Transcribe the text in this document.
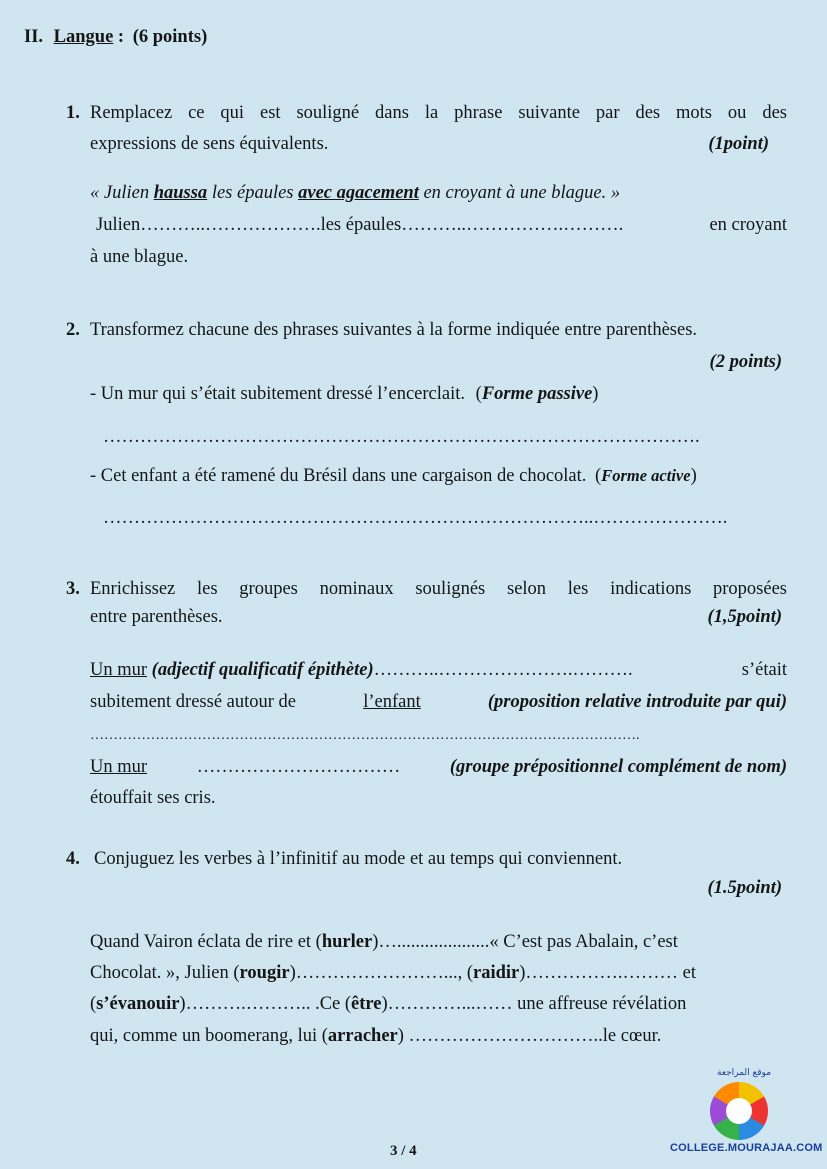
II. Langue : (6 points)
1. Remplacez ce qui est souligné dans la phrase suivante par des mots ou des
expressions de sens équivalents.	(1point)
« Julien haussa les épaules avec agacement en croyant à une blague. »
Julien………..……………….les épaules………..…………….……….	en croyant
à une blague.
2. Transformez chacune des phrases suivantes à la forme indiquée entre parenthèses.
(2 points)
- Un mur qui s’était subitement dressé l’encerclait. (Forme passive)
…………………………………………………………………………………….
- Cet enfant a été ramené du Brésil dans une cargaison de chocolat. (Forme active)
……………………………………………………………………..………………….
3. Enrichissez les groupes nominaux soulignés selon les indications proposées
entre parenthèses.	(1,5point)
Un mur (adjectif qualificatif épithète)………..………………….……….	s’était
subitement dressé autour de	l’enfant	(proposition relative introduite par qui)
……………………………………………………………………………………………………….
Un mur	……………………………	(groupe prépositionnel complément de nom)
étouffait ses cris.
4. Conjuguez les verbes à l’infinitif au mode et au temps qui conviennent.
(1.5point)
Quand Vairon éclata de rire et (hurler)…....................« C’est pas Abalain, c’est
Chocolat. », Julien (rougir)……………………..., (raidir)…………….……… et
(s’évanouir)……….……….. .Ce (être)…………...…… une affreuse révélation
qui, comme un boomerang, lui (arracher) …………………………..le cœur.
3 / 4
موقع المراجعة
COLLEGE.MOURAJAA.COM
